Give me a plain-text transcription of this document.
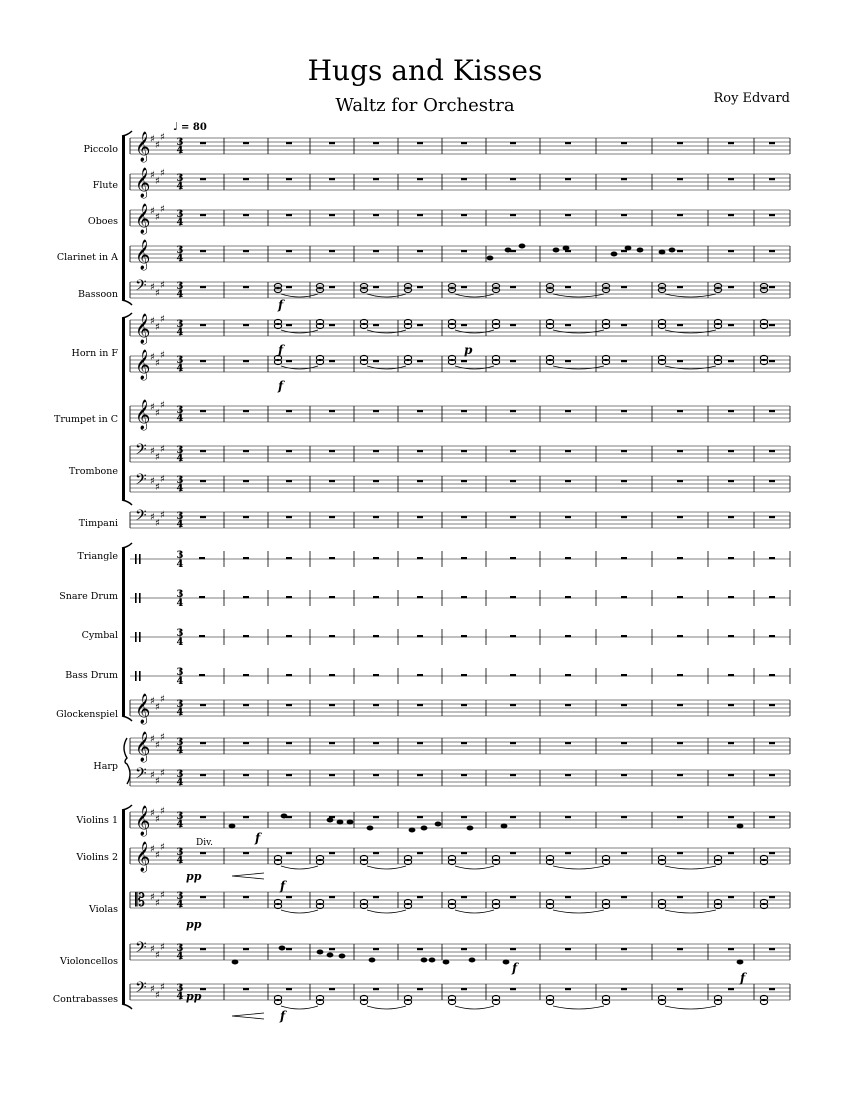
Hugs and Kisses
Waltz for Orchestra	Roy Edvard
Piccolo
Flute
Oboes
Clarinet in A
Bassoon
Horn in F
Trumpet in C
Trombone
Timpani
Triangle
Snare Drum
Cymbal
Bass Drum
Glockenspiel
Harp
Violins 1
Violins 2
Violas
Violoncellos
Contrabasses
𝄞 ♯
♯
♯ 3
4
𝄞 ♯
♯
♯ 3
4
𝄞 ♯
♯
♯ 3
4
𝄞	3
4
𝄢 ♯
♯
♯ 3
4
𝄞 ♯
♯
♯ 3
4
𝄞 ♯
♯
♯ 3
4
𝄞 ♯
♯
♯ 3
4
𝄢 ♯
♯
♯ 3
4
𝄢 ♯
♯
♯ 3
4
𝄢 ♯
♯
♯ 3
4
3
4
3
4
3
4
3
4
𝄞 ♯
♯
♯ 3
4
𝄞 ♯
♯
♯ 3
4
𝄢 ♯
♯
♯ 3
4
𝄞 ♯
♯
♯ 3
4
𝄞 ♯
♯
♯ 3
4
𝄡 ♯
♯
♯ 3
4
𝄢 ♯
♯
♯ 3
4
𝄢 ♯
♯
♯ 3
4
♩ = 80
f
f
f
f
f
f
f
f
p
pp
pp
pp
Div.
